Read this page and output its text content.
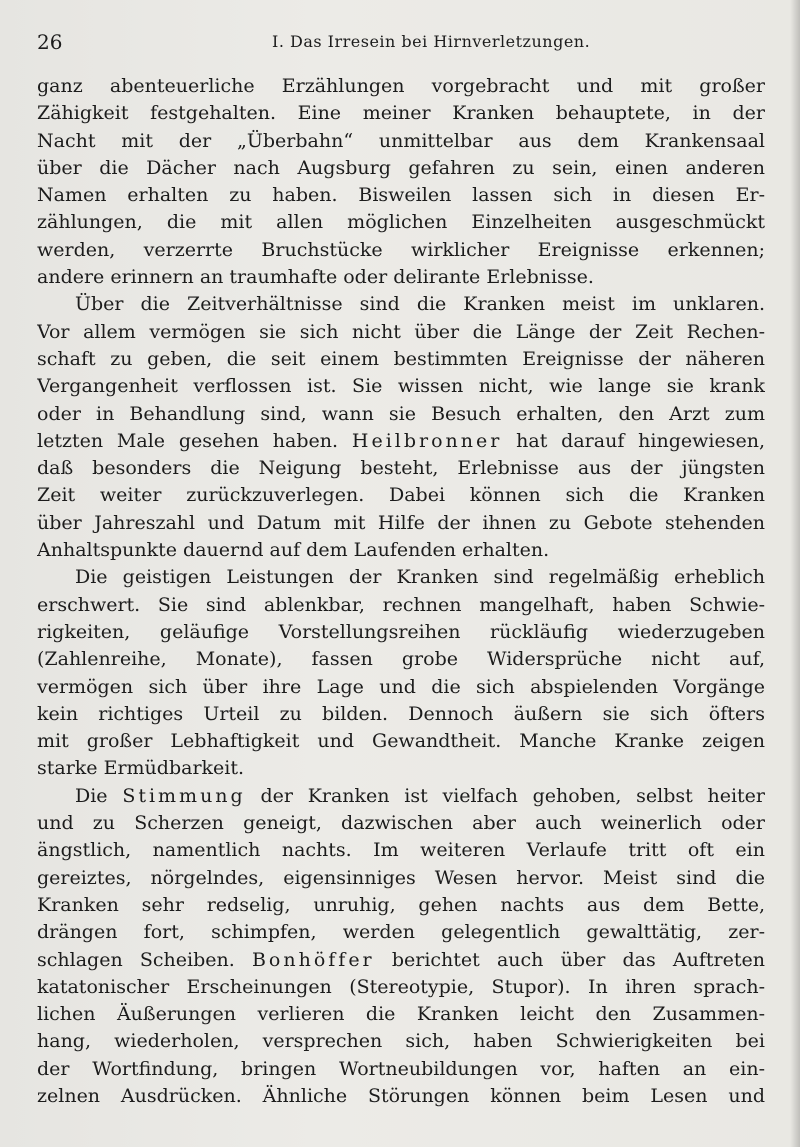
26	I. Das Irresein bei Hirnverletzungen.
ganz abenteuerliche Erzählungen vorgebracht und mit großer
Zähigkeit festgehalten. Eine meiner Kranken behauptete, in der
Nacht mit der „Überbahn“ unmittelbar aus dem Krankensaal
über die Dächer nach Augsburg gefahren zu sein, einen anderen
Namen erhalten zu haben. Bisweilen lassen sich in diesen Er-
zählungen, die mit allen möglichen Einzelheiten ausgeschmückt
werden, verzerrte Bruchstücke wirklicher Ereignisse erkennen;
andere erinnern an traumhafte oder delirante Erlebnisse.
Über die Zeitverhältnisse sind die Kranken meist im unklaren.
Vor allem vermögen sie sich nicht über die Länge der Zeit Rechen-
schaft zu geben, die seit einem bestimmten Ereignisse der näheren
Vergangenheit verflossen ist. Sie wissen nicht, wie lange sie krank
oder in Behandlung sind, wann sie Besuch erhalten, den Arzt zum
letzten Male gesehen haben. Heilbronner hat darauf hingewiesen,
daß besonders die Neigung besteht, Erlebnisse aus der jüngsten
Zeit weiter zurückzuverlegen. Dabei können sich die Kranken
über Jahreszahl und Datum mit Hilfe der ihnen zu Gebote stehenden
Anhaltspunkte dauernd auf dem Laufenden erhalten.
Die geistigen Leistungen der Kranken sind regelmäßig erheblich
erschwert. Sie sind ablenkbar, rechnen mangelhaft, haben Schwie-
rigkeiten, geläufige Vorstellungsreihen rückläufig wiederzugeben
(Zahlenreihe, Monate), fassen grobe Widersprüche nicht auf,
vermögen sich über ihre Lage und die sich abspielenden Vorgänge
kein richtiges Urteil zu bilden. Dennoch äußern sie sich öfters
mit großer Lebhaftigkeit und Gewandtheit. Manche Kranke zeigen
starke Ermüdbarkeit.
Die Stimmung der Kranken ist vielfach gehoben, selbst heiter
und zu Scherzen geneigt, dazwischen aber auch weinerlich oder
ängstlich, namentlich nachts. Im weiteren Verlaufe tritt oft ein
gereiztes, nörgelndes, eigensinniges Wesen hervor. Meist sind die
Kranken sehr redselig, unruhig, gehen nachts aus dem Bette,
drängen fort, schimpfen, werden gelegentlich gewalttätig, zer-
schlagen Scheiben. Bonhöffer berichtet auch über das Auftreten
katatonischer Erscheinungen (Stereotypie, Stupor). In ihren sprach-
lichen Äußerungen verlieren die Kranken leicht den Zusammen-
hang, wiederholen, versprechen sich, haben Schwierigkeiten bei
der Wortfindung, bringen Wortneubildungen vor, haften an ein-
zelnen Ausdrücken. Ähnliche Störungen können beim Lesen und
